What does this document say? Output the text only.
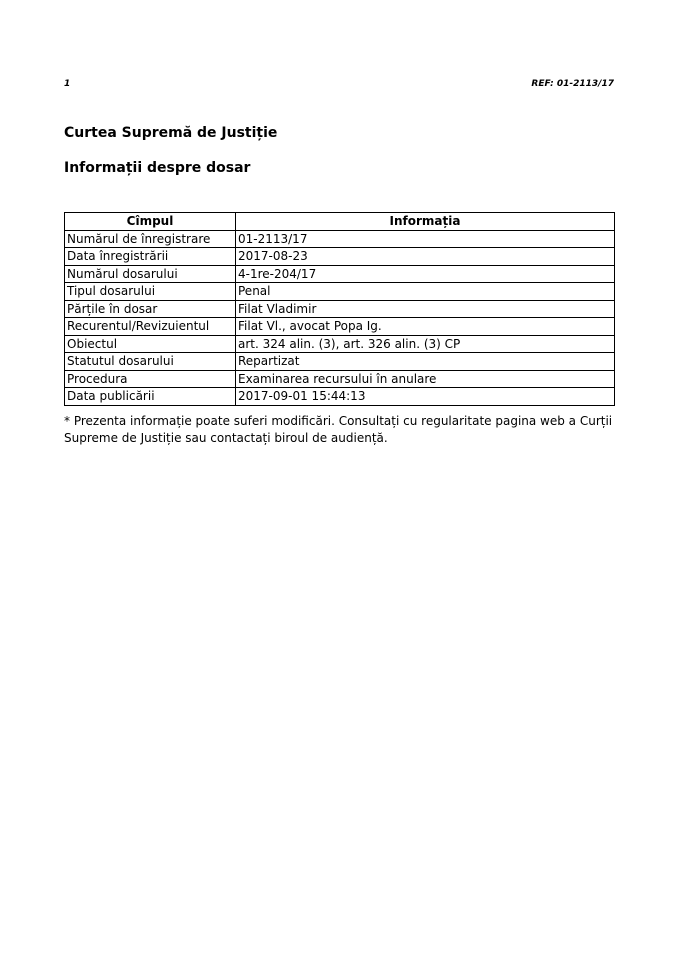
1	REF: 01-2113/17
Curtea Supremă de Justiție
Informații despre dosar
Cîmpul	Informația
Numărul de înregistrare	01-2113/17
Data înregistrării	2017-08-23
Numărul dosarului	4-1re-204/17
Tipul dosarului	Penal
Părțile în dosar	Filat Vladimir
Recurentul/Revizuientul	Filat Vl., avocat Popa Ig.
Obiectul	art. 324 alin. (3), art. 326 alin. (3) CP
Statutul dosarului	Repartizat
Procedura	Examinarea recursului în anulare
Data publicării	2017-09-01 15:44:13

* Prezenta informație poate suferi modificări. Consultați cu regularitate pagina web a Curții Supreme de Justiție sau contactați biroul de audiență.
